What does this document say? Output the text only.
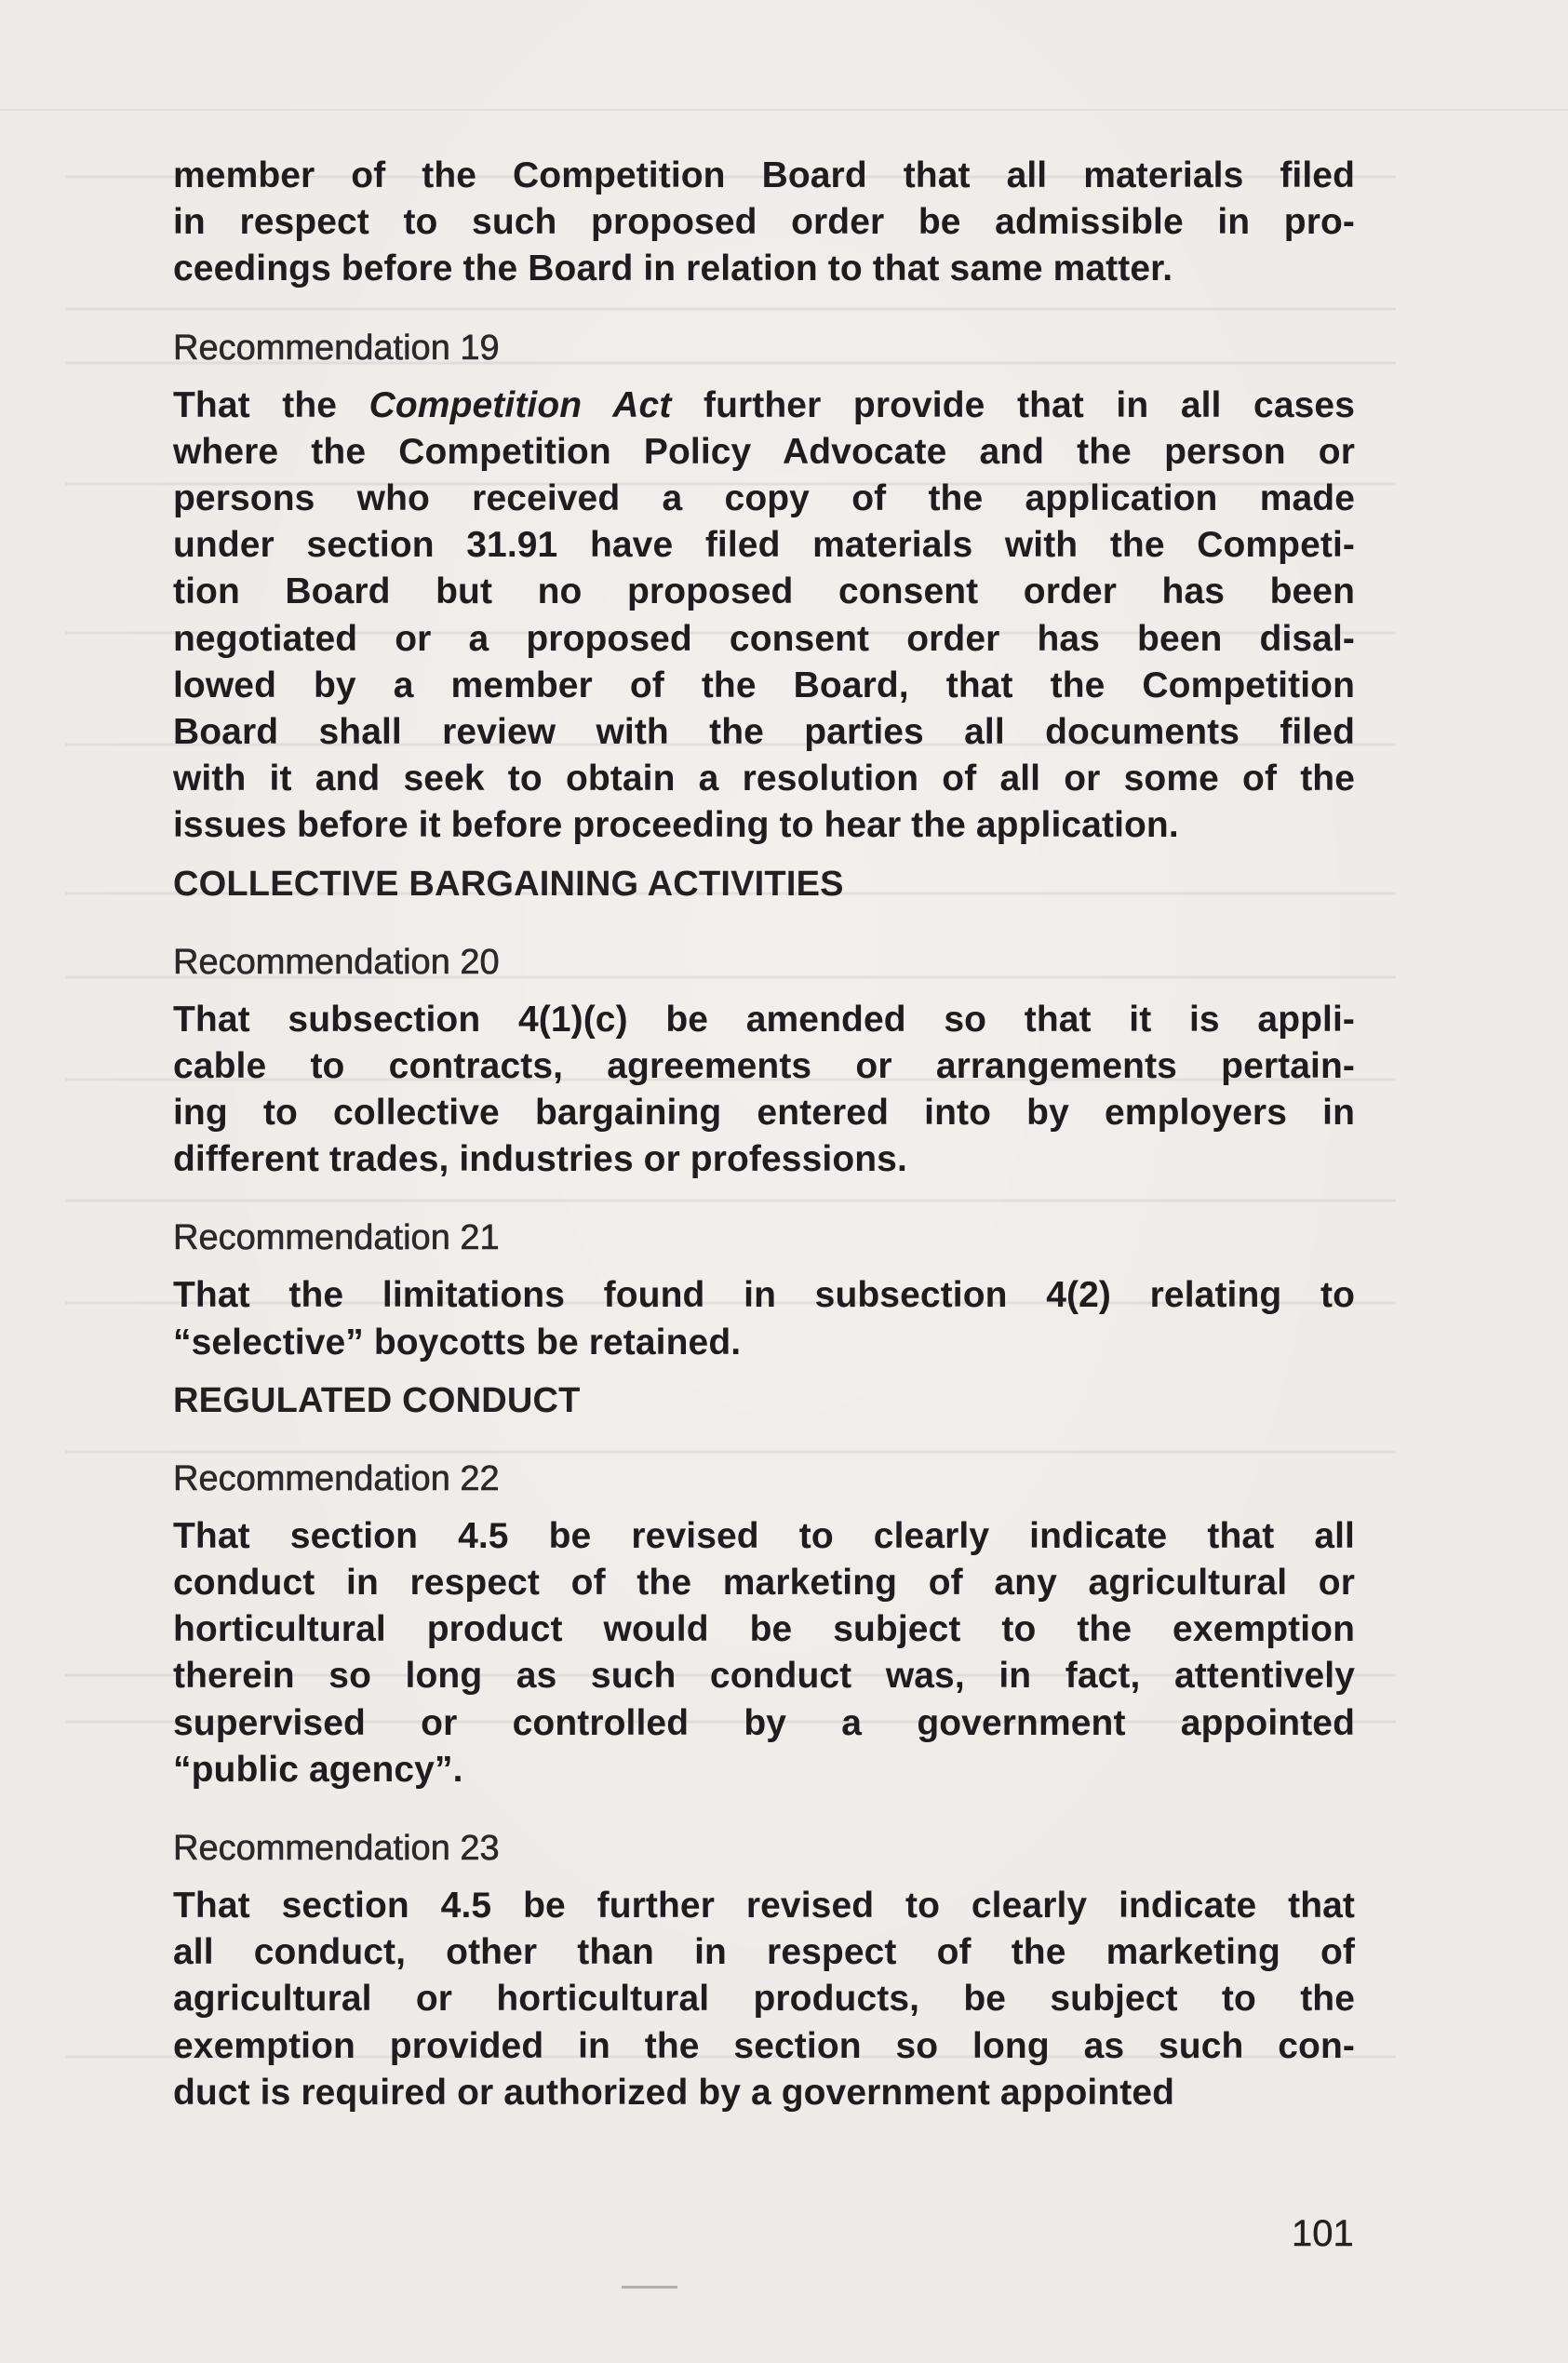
member of the Competition Board that all materials filed
in respect to such proposed order be admissible in pro-
ceedings before the Board in relation to that same matter.
Recommendation 19
That the Competition Act further provide that in all cases
where the Competition Policy Advocate and the person or
persons who received a copy of the application made
under section 31.91 have filed materials with the Competi-
tion Board but no proposed consent order has been
negotiated or a proposed consent order has been disal-
lowed by a member of the Board, that the Competition
Board shall review with the parties all documents filed
with it and seek to obtain a resolution of all or some of the
issues before it before proceeding to hear the application.
COLLECTIVE BARGAINING ACTIVITIES
Recommendation 20
That subsection 4(1)(c) be amended so that it is appli-
cable to contracts, agreements or arrangements pertain-
ing to collective bargaining entered into by employers in
different trades, industries or professions.
Recommendation 21
That the limitations found in subsection 4(2) relating to
“selective” boycotts be retained.
REGULATED CONDUCT
Recommendation 22
That section 4.5 be revised to clearly indicate that all
conduct in respect of the marketing of any agricultural or
horticultural product would be subject to the exemption
therein so long as such conduct was, in fact, attentively
supervised or controlled by a government appointed
“public agency”.
Recommendation 23
That section 4.5 be further revised to clearly indicate that
all conduct, other than in respect of the marketing of
agricultural or horticultural products, be subject to the
exemption provided in the section so long as such con-
duct is required or authorized by a government appointed
101
